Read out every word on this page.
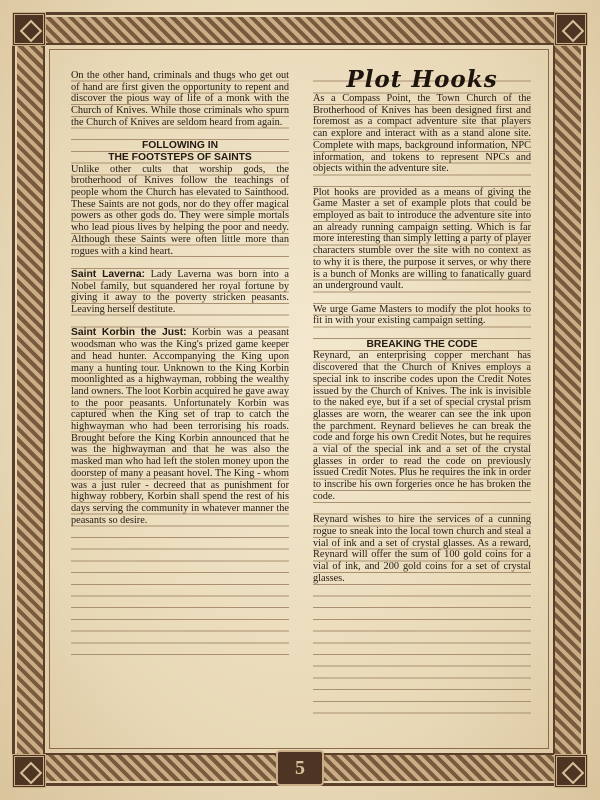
On the other hand, criminals and thugs who get out of hand are first given the opportunity to repent and discover the pious way of life of a monk with the Church of Knives. While those criminals who spurn the Church of Knives are seldom heard from again.

FOLLOWING IN
THE FOOTSTEPS OF SAINTS

Unlike other cults that worship gods, the brotherhood of Knives follow the teachings of people whom the Church has elevated to Sainthood. These Saints are not gods, nor do they offer magical powers as other gods do. They were simple mortals who lead pious lives by helping the poor and needy. Although these Saints were often little more than rogues with a kind heart.

Saint Laverna: Lady Laverna was born into a Nobel family, but squandered her royal fortune by giving it away to the poverty stricken peasants. Leaving herself destitute.

Saint Korbin the Just: Korbin was a peasant woodsman who was the King's prized game keeper and head hunter. Accompanying the King upon many a hunting tour. Unknown to the King Korbin moonlighted as a highwayman, robbing the wealthy land owners. The loot Korbin acquired he gave away to the poor peasants. Unfortunately Korbin was captured when the King set of trap to catch the highwayman who had been terrorising his roads. Brought before the King Korbin announced that he was the highwayman and that he was also the masked man who had left the stolen money upon the doorstep of many a peasant hovel. The King - whom was a just ruler - decreed that as punishment for highway robbery, Korbin shall spend the rest of his days serving the community in whatever manner the peasants so desire.

Plot Hooks

As a Compass Point, the Town Church of the Brotherhood of Knives has been designed first and foremost as a compact adventure site that players can explore and interact with as a stand alone site. Complete with maps, background information, NPC information, and tokens to represent NPCs and objects within the adventure site.

Plot hooks are provided as a means of giving the Game Master a set of example plots that could be employed as bait to introduce the adventure site into an already running campaign setting. Which is far more interesting than simply letting a party of player characters stumble over the site with no context as to why it is there, the purpose it serves, or why there is a bunch of Monks are willing to fanatically guard an underground vault.

We urge Game Masters to modify the plot hooks to fit in with your existing campaign setting.

BREAKING THE CODE

Reynard, an enterprising copper merchant has discovered that the Church of Knives employs a special ink to inscribe codes upon the Credit Notes issued by the Church of Knives. The ink is invisible to the naked eye, but if a set of special crystal prism glasses are worn, the wearer can see the ink upon the parchment. Reynard believes he can break the code and forge his own Credit Notes, but he requires a vial of the special ink and a set of the crystal glasses in order to read the code on previously issued Credit Notes. Plus he requires the ink in order to inscribe his own forgeries once he has broken the code.

Reynard wishes to hire the services of a cunning rogue to sneak into the local town church and steal a vial of ink and a set of crystal glasses. As a reward, Reynard will offer the sum of 100 gold coins for a vial of ink, and 200 gold coins for a set of crystal glasses.

5
